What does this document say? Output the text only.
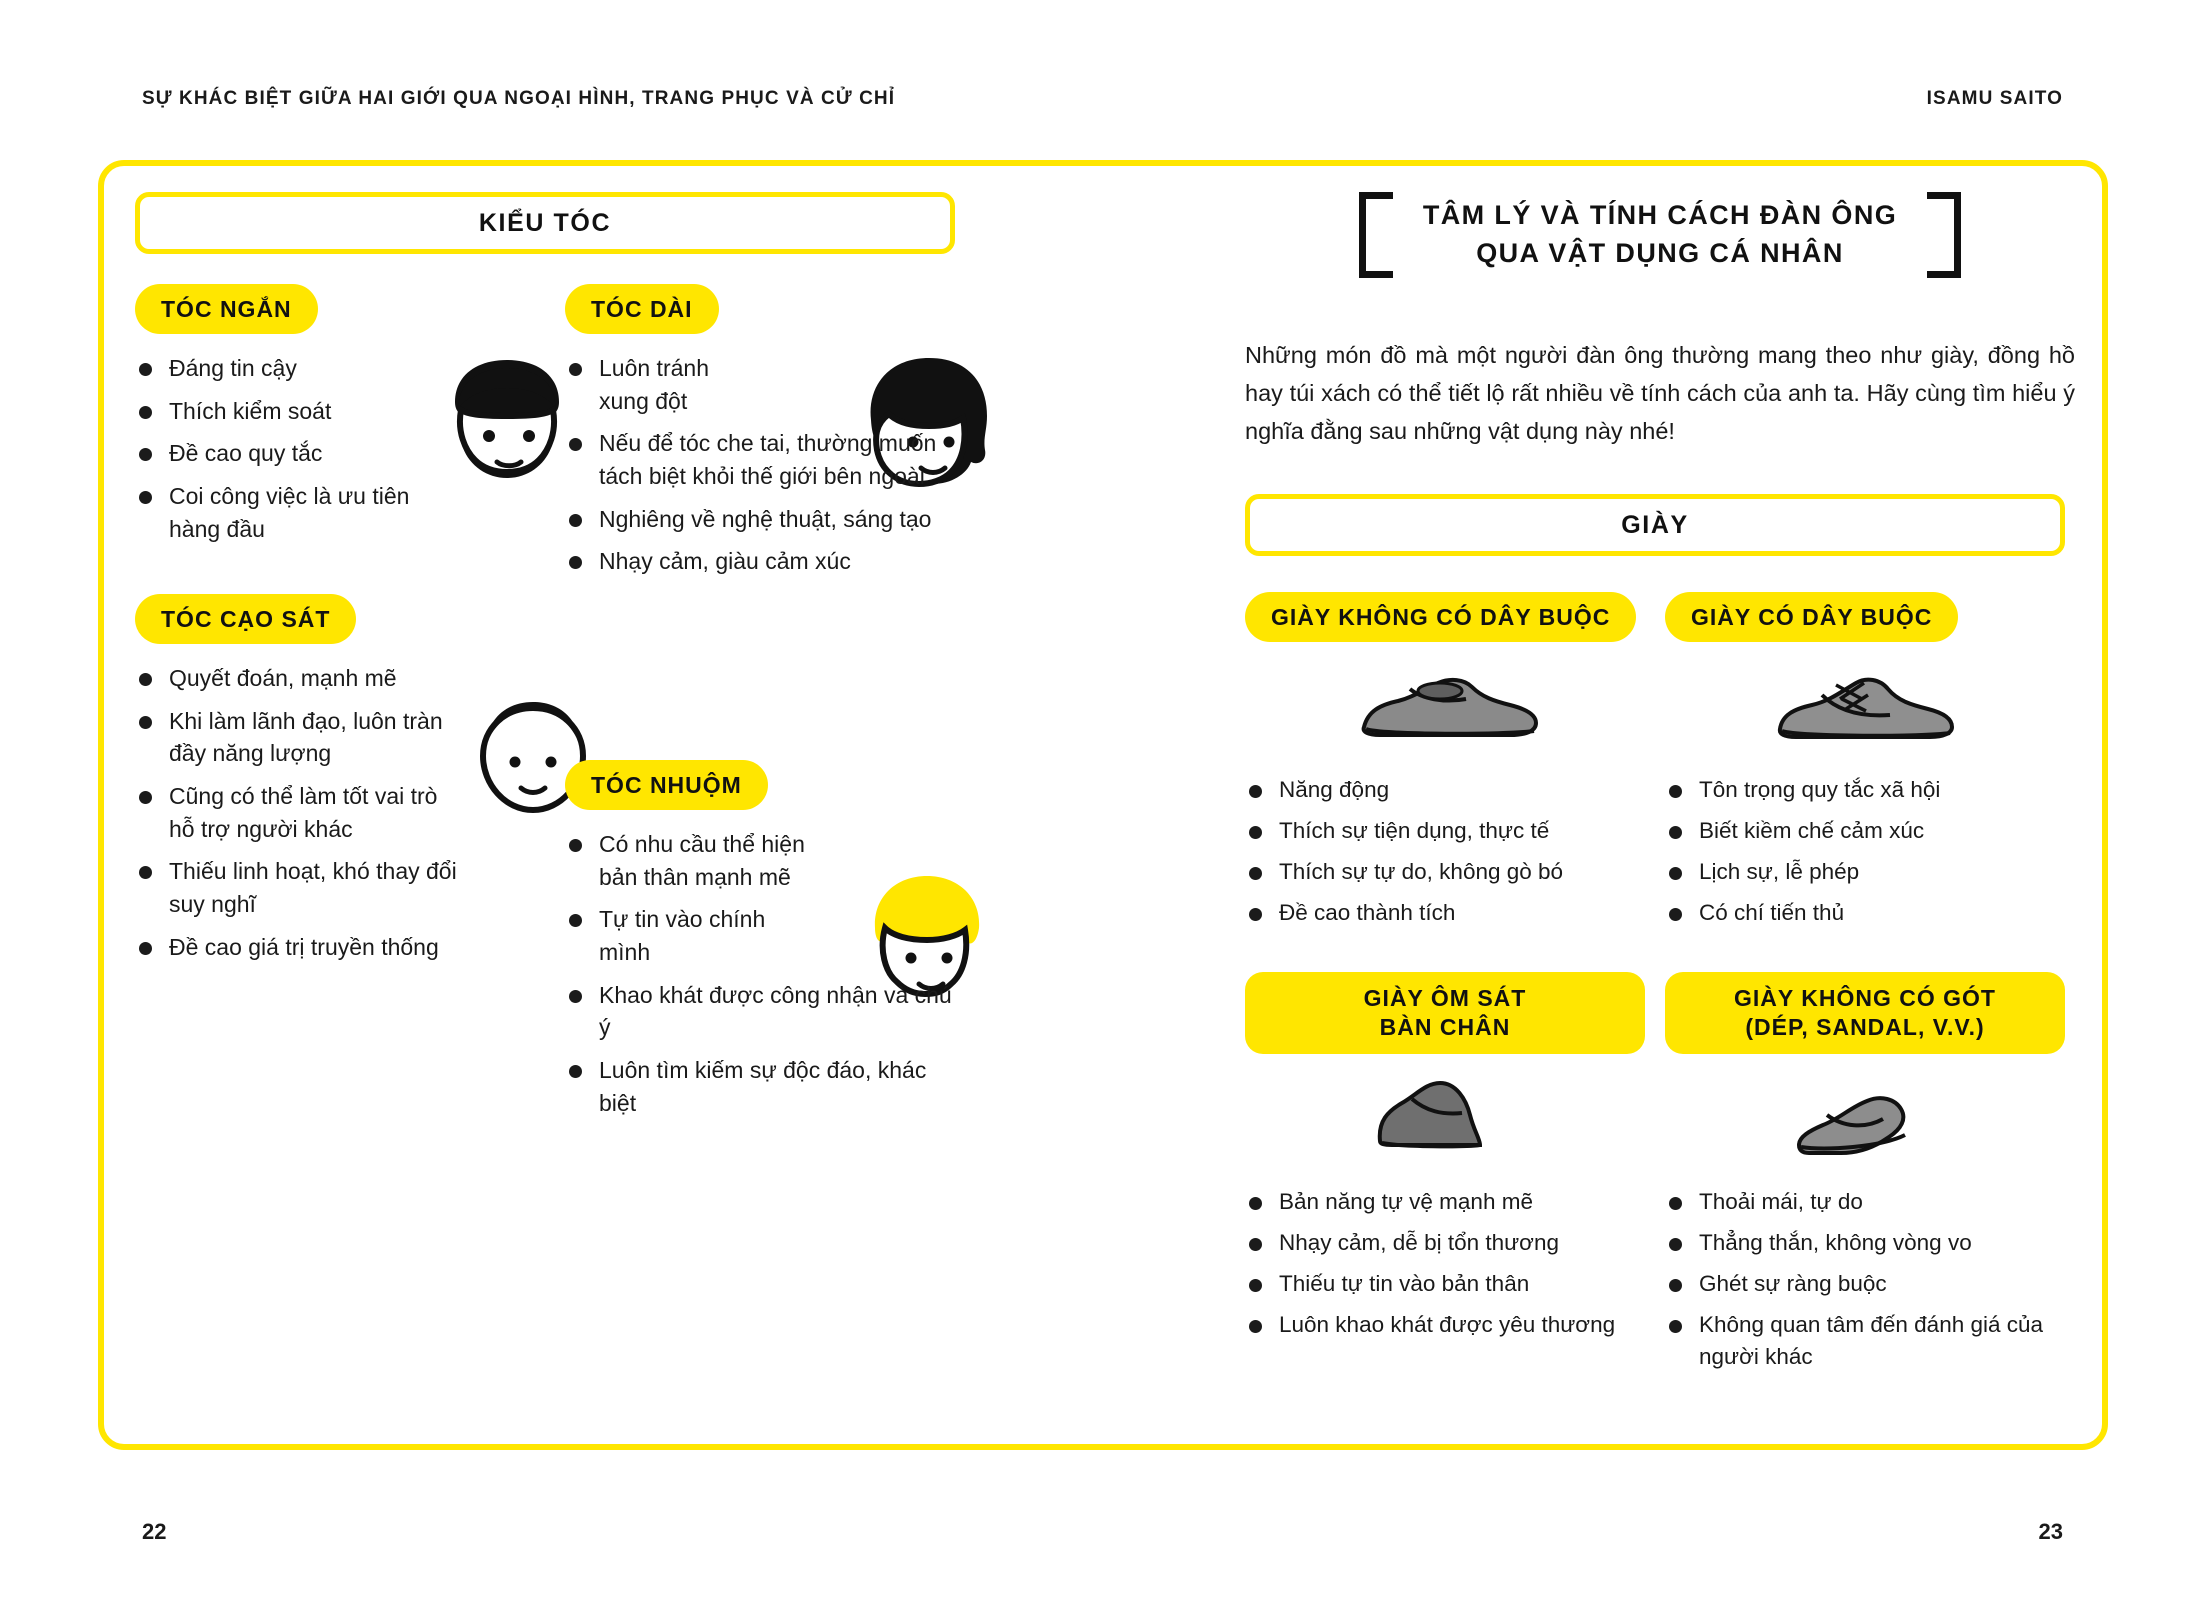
SỰ KHÁC BIỆT GIỮA HAI GIỚI QUA NGOẠI HÌNH, TRANG PHỤC VÀ CỬ CHỈ	ISAMU SAITO
22	23
KIỂU TÓC
TÓC NGẮN
Đáng tin cậy
Thích kiểm soát
Đề cao quy tắc
Coi công việc là ưu tiên hàng đầu
TÓC CẠO SÁT
Quyết đoán, mạnh mẽ
Khi làm lãnh đạo, luôn tràn đầy năng lượng
Cũng có thể làm tốt vai trò hỗ trợ người khác
Thiếu linh hoạt, khó thay đổi suy nghĩ
Đề cao giá trị truyền thống
TÓC DÀI
Luôn tránh xung đột
Nếu để tóc che tai, thường muốn tách biệt khỏi thế giới bên ngoài
Nghiêng về nghệ thuật, sáng tạo
Nhạy cảm, giàu cảm xúc
TÓC NHUỘM
Có nhu cầu thể hiện bản thân mạnh mẽ
Tự tin vào chính mình
Khao khát được công nhận và chú ý
Luôn tìm kiếm sự độc đáo, khác biệt
TÂM LÝ VÀ TÍNH CÁCH ĐÀN ÔNG
QUA VẬT DỤNG CÁ NHÂN
Những món đồ mà một người đàn ông thường mang theo như giày, đồng hồ hay túi xách có thể tiết lộ rất nhiều về tính cách của anh ta. Hãy cùng tìm hiểu ý nghĩa đằng sau những vật dụng này nhé!
GIÀY
GIÀY KHÔNG CÓ DÂY BUỘC
Năng động
Thích sự tiện dụng, thực tế
Thích sự tự do, không gò bó
Đề cao thành tích
GIÀY CÓ DÂY BUỘC
Tôn trọng quy tắc xã hội
Biết kiềm chế cảm xúc
Lịch sự, lễ phép
Có chí tiến thủ
GIÀY ÔM SÁT
BÀN CHÂN
Bản năng tự vệ mạnh mẽ
Nhạy cảm, dễ bị tổn thương
Thiếu tự tin vào bản thân
Luôn khao khát được yêu thương
GIÀY KHÔNG CÓ GÓT
(DÉP, SANDAL, V.V.)
Thoải mái, tự do
Thẳng thắn, không vòng vo
Ghét sự ràng buộc
Không quan tâm đến đánh giá của người khác
